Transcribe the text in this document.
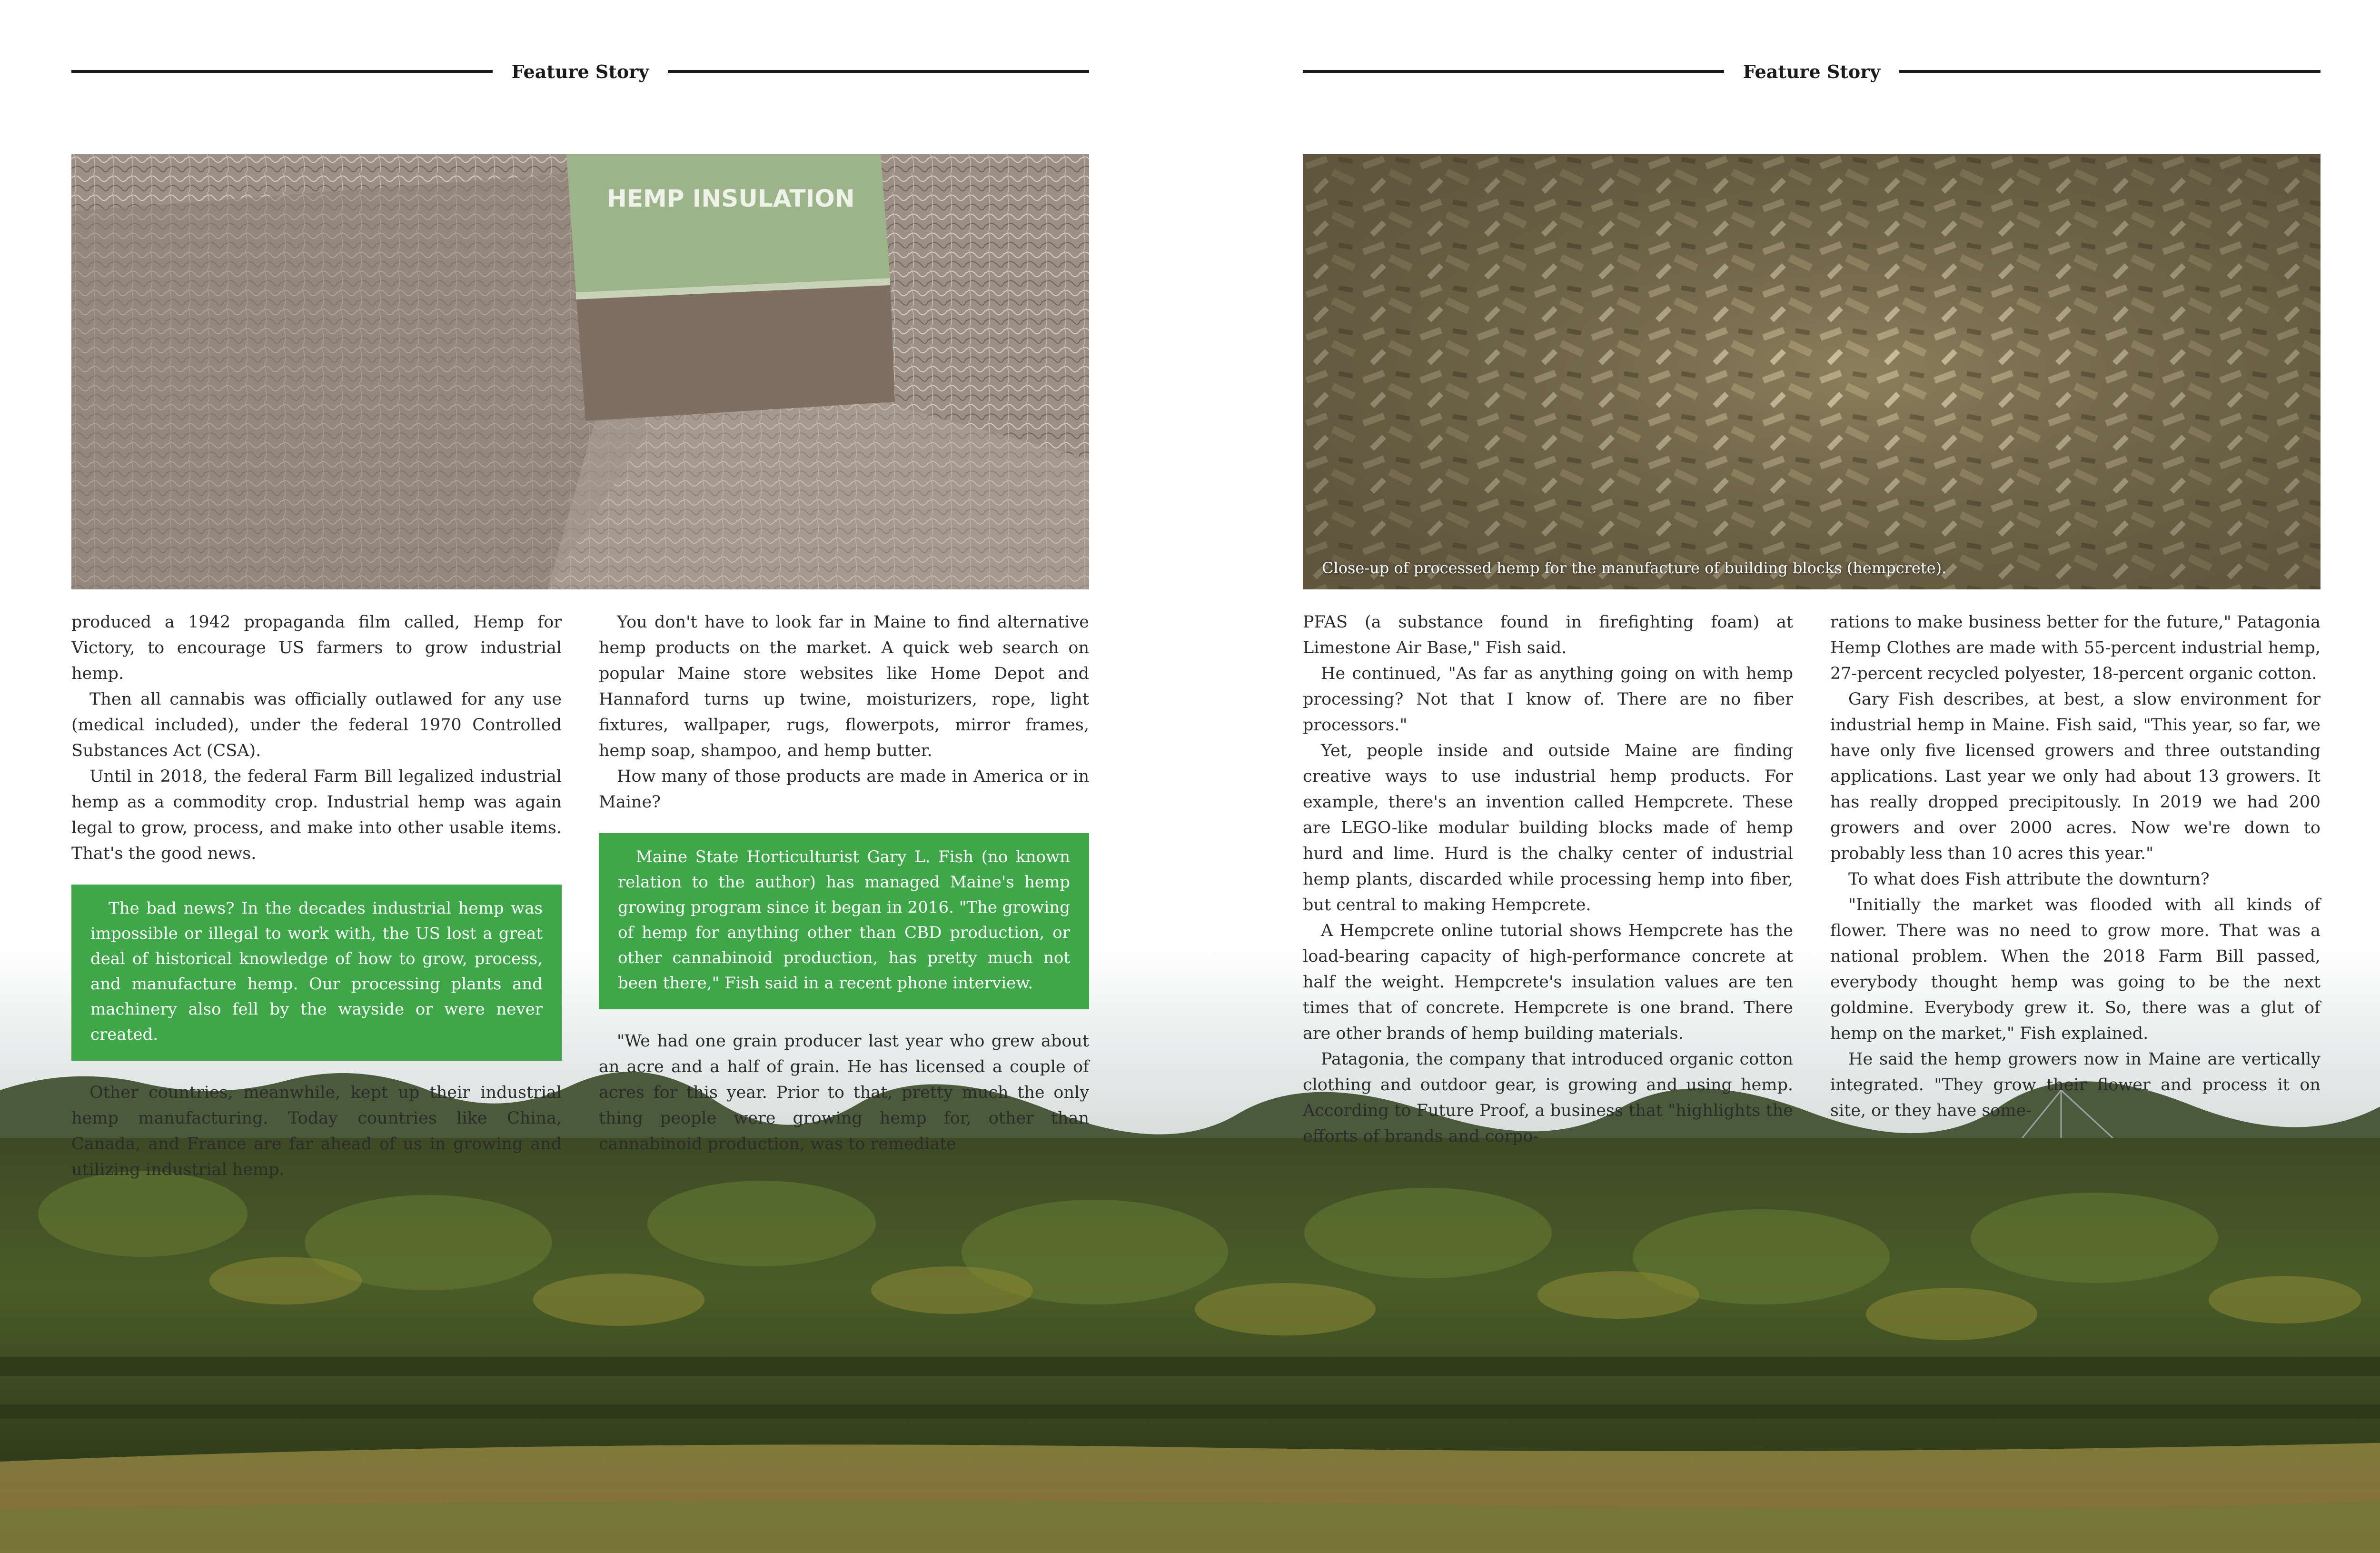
Feature Story	Feature Story
HEMP INSULATION
Close-up of processed hemp for the manufacture of building blocks (hempcrete).

produced a 1942 propaganda film called, Hemp for Victory, to encourage US farmers to grow industrial hemp.

Then all cannabis was officially outlawed for any use (medical included), under the federal 1970 Controlled Substances Act (CSA).

Until in 2018, the federal Farm Bill legalized industrial hemp as a commodity crop. Industrial hemp was again legal to grow, process, and make into other usable items. That's the good news.

The bad news? In the decades industrial hemp was impossible or illegal to work with, the US lost a great deal of historical knowledge of how to grow, process, and manufacture hemp. Our processing plants and machinery also fell by the wayside or were never created.

Other countries, meanwhile, kept up their industrial hemp manufacturing. Today countries like China, Canada, and France are far ahead of us in growing and utilizing industrial hemp.

You don't have to look far in Maine to find alternative hemp products on the market. A quick web search on popular Maine store websites like Home Depot and Hannaford turns up twine, moisturizers, rope, light fixtures, wallpaper, rugs, flowerpots, mirror frames, hemp soap, shampoo, and hemp butter.

How many of those products are made in America or in Maine?

Maine State Horticulturist Gary L. Fish (no known relation to the author) has managed Maine's hemp growing program since it began in 2016. "The growing of hemp for anything other than CBD production, or other cannabinoid production, has pretty much not been there," Fish said in a recent phone interview.

"We had one grain producer last year who grew about an acre and a half of grain. He has licensed a couple of acres for this year. Prior to that, pretty much the only thing people were growing hemp for, other than cannabinoid production, was to remediate

PFAS (a substance found in firefighting foam) at Limestone Air Base," Fish said.

He continued, "As far as anything going on with hemp processing? Not that I know of. There are no fiber processors."

Yet, people inside and outside Maine are finding creative ways to use industrial hemp products. For example, there's an invention called Hempcrete. These are LEGO-like modular building blocks made of hemp hurd and lime. Hurd is the chalky center of industrial hemp plants, discarded while processing hemp into fiber, but central to making Hempcrete.

A Hempcrete online tutorial shows Hempcrete has the load-bearing capacity of high-performance concrete at half the weight. Hempcrete's insulation values are ten times that of concrete. Hempcrete is one brand. There are other brands of hemp building materials.

Patagonia, the company that introduced organic cotton clothing and outdoor gear, is growing and using hemp. According to Future Proof, a business that "highlights the efforts of brands and corpo-

rations to make business better for the future," Patagonia Hemp Clothes are made with 55-percent industrial hemp, 27-percent recycled polyester, 18-percent organic cotton.

Gary Fish describes, at best, a slow environment for industrial hemp in Maine. Fish said, "This year, so far, we have only five licensed growers and three outstanding applications. Last year we only had about 13 growers. It has really dropped precipitously. In 2019 we had 200 growers and over 2000 acres. Now we're down to probably less than 10 acres this year."

To what does Fish attribute the downturn?

"Initially the market was flooded with all kinds of flower. There was no need to grow more. That was a national problem. When the 2018 Farm Bill passed, everybody thought hemp was going to be the next goldmine. Everybody grew it. So, there was a glut of hemp on the market," Fish explained.

He said the hemp growers now in Maine are vertically integrated. "They grow their flower and process it on site, or they have some-
